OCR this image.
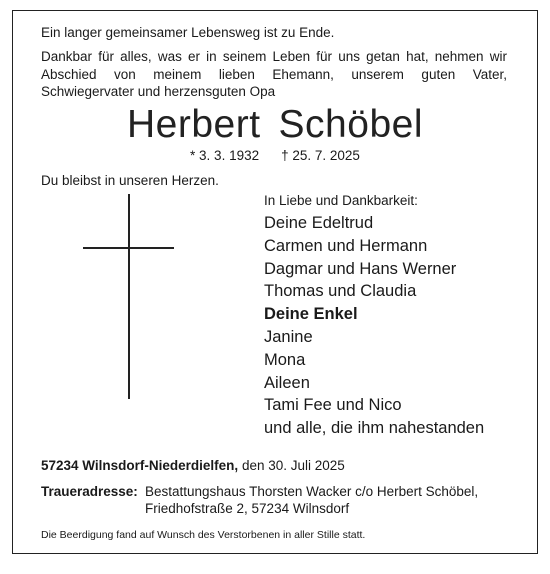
Ein langer gemeinsamer Lebensweg ist zu Ende.
Dankbar für alles, was er in seinem Leben für uns getan hat, nehmen wir Abschied von meinem lieben Ehemann, unserem guten Vater, Schwiegervater und herzensguten Opa
Herbert Schöbel
* 3. 3. 1932 † 25. 7. 2025
Du bleibst in unseren Herzen.
In Liebe und Dankbarkeit:
Deine Edeltrud
Carmen und Hermann
Dagmar und Hans Werner
Thomas und Claudia
Deine Enkel
Janine
Mona
Aileen
Tami Fee und Nico
und alle, die ihm nahestanden
57234 Wilnsdorf-Niederdielfen, den 30. Juli 2025
Traueradresse: Bestattungshaus Thorsten Wacker c/o Herbert Schöbel,
Friedhofstraße 2, 57234 Wilnsdorf
Die Beerdigung fand auf Wunsch des Verstorbenen in aller Stille statt.
